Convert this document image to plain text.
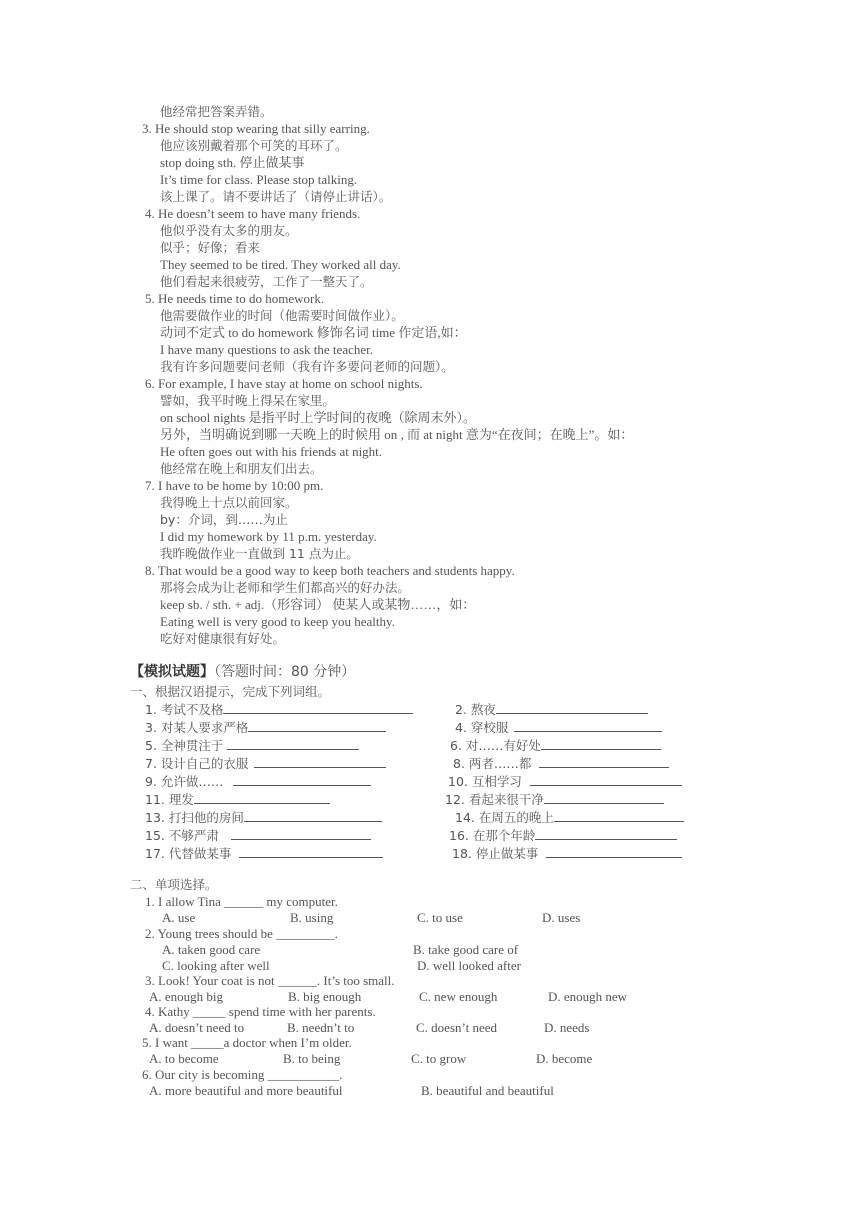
他经常把答案弄错。
3. He should stop wearing that silly earring.
他应该别戴着那个可笑的耳环了。
stop doing sth. 停止做某事
It’s time for class. Please stop talking.
该上课了。请不要讲话了（请停止讲话）。
4. He doesn’t seem to have many friends.
他似乎没有太多的朋友。
似乎；好像；看来
They seemed to be tired. They worked all day.
他们看起来很疲劳，工作了一整天了。
5. He needs time to do homework.
他需要做作业的时间（他需要时间做作业）。
动词不定式 to do homework 修饰名词 time 作定语,如：
I have many questions to ask the teacher.
我有许多问题要问老师（我有许多要问老师的问题）。
6. For example, I have stay at home on school nights.
譬如，我平时晚上得呆在家里。
on school nights 是指平时上学时间的夜晚（除周末外）。
另外，当明确说到哪一天晚上的时候用 on , 而 at night 意为“在夜间；在晚上”。如：
He often goes out with his friends at night.
他经常在晚上和朋友们出去。
7. I have to be home by 10:00 pm.
我得晚上十点以前回家。
by：介词，到……为止
I did my homework by 11 p.m. yesterday.
我昨晚做作业一直做到 11 点为止。
8. That would be a good way to keep both teachers and students happy.
那将会成为让老师和学生们都高兴的好办法。
keep sb. / sth. + adj.（形容词） 使某人或某物……，如：
Eating well is very good to keep you healthy.
吃好对健康很有好处。
【模拟试题】（答题时间：80 分钟）
一、根据汉语提示，完成下列词组。
1. 考试不及格	2. 熬夜
3. 对某人要求严格	4. 穿校服
5. 全神贯注于	6. 对……有好处
7. 设计自己的衣服	8. 两者……都
9. 允许做……	10. 互相学习
11. 理发	12. 看起来很干净
13. 打扫他的房间	14. 在周五的晚上
15. 不够严肃	16. 在那个年龄
17. 代替做某事	18. 停止做某事
二、单项选择。
1. I allow Tina ______ my computer.
A. use	B. using	C. to use	D. uses
2. Young trees should be _________.
A. taken good care	B. take good care of
C. looking after well	D. well looked after
3. Look! Your coat is not ______. It’s too small.
A. enough big	B. big enough	C. new enough	D. enough new
4. Kathy _____ spend time with her parents.
A. doesn’t need to	B. needn’t to	C. doesn’t need	D. needs
5. I want _____a doctor when I’m older.
A. to become	B. to being	C. to grow	D. become
6. Our city is becoming ___________.
A. more beautiful and more beautiful	B. beautiful and beautiful
